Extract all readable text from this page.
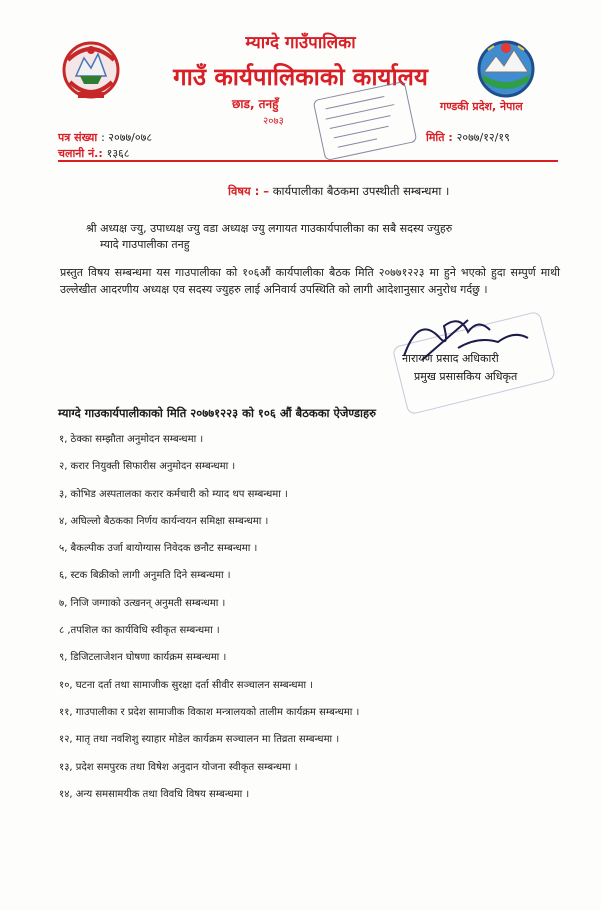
म्याग्दे गाउँपालिका
गाउँ कार्यपालिकाको कार्यालय
छाड, तनहुँ
२०७३
गण्डकी प्रदेश, नेपाल
पत्र संख्या : २०७७/०७८
चलानी नं.: १३६८
मिति : २०७७/१२/१९
विषय : – कार्यपालीका बैठकमा उपस्थीती सम्बन्धमा ।
श्री अध्यक्ष ज्यु, उपाध्यक्ष ज्यु वडा अध्यक्ष ज्यु लगायत गाउकार्यपालीका का सबै सदस्य ज्युहरु
म्यादे गाउपालीका तनहु
प्रस्तुत विषय सम्बन्धमा यस गाउपालीका को १०६औं कार्यपालीका बैठक मिति २०७७१२२३ मा हुने भएको हुदा सम्पुर्ण माथी उल्लेखीत आदरणीय अध्यक्ष एव सदस्य ज्युहरु लाई अनिवार्य उपस्थिति को लागी आदेशानुसार अनुरोध गर्दछु ।
नारायण प्रसाद अधिकारी
प्रमुख प्रसासकिय अधिकृत
म्याग्दे गाउकार्यपालीकाको मिति २०७७१२२३ को १०६ औं बैठकका ऐजेण्डाहरु
१, ठेक्का सम्झौता अनुमोदन सम्बन्धमा ।
२, करार नियुक्ती सिफारीस अनुमोदन सम्बन्धमा ।
३, कोभिड अस्पतालका करार कर्मचारी को म्याद थप सम्बन्धमा ।
४, अघिल्लो बैठकका निर्णय कार्यन्वयन समिक्षा सम्बन्धमा ।
५, बैकल्पीक उर्जा बायोग्यास निवेदक छनौट सम्बन्धमा ।
६, स्टक बिक्रीको लागी अनुमति दिने सम्बन्धमा ।
७, निजि जग्गाको उत्खनन् अनुमती सम्बन्धमा ।
८ ,तपशिल का कार्यविधि स्वीकृत सम्बन्धमा ।
९, डिजिटलाजेशन घोषणा कार्यक्रम सम्बन्धमा ।
१०, घटना दर्ता तथा सामाजीक सुरक्षा दर्ता सीवीर सञ्चालन सम्बन्धमा ।
११, गाउपालीका र प्रदेश सामाजीक विकाश मन्त्रालयको तालीम कार्यक्रम सम्बन्धमा ।
१२, मातृ तथा नवशिशु स्याहार मोडेल कार्यक्रम सञ्चालन मा तिव्रता सम्बन्धमा ।
१३, प्रदेश समपुरक तथा विषेश अनुदान योजना स्वीकृत सम्बन्धमा ।
१४, अन्य समसामयीक तथा विवधि विषय सम्बन्धमा ।
